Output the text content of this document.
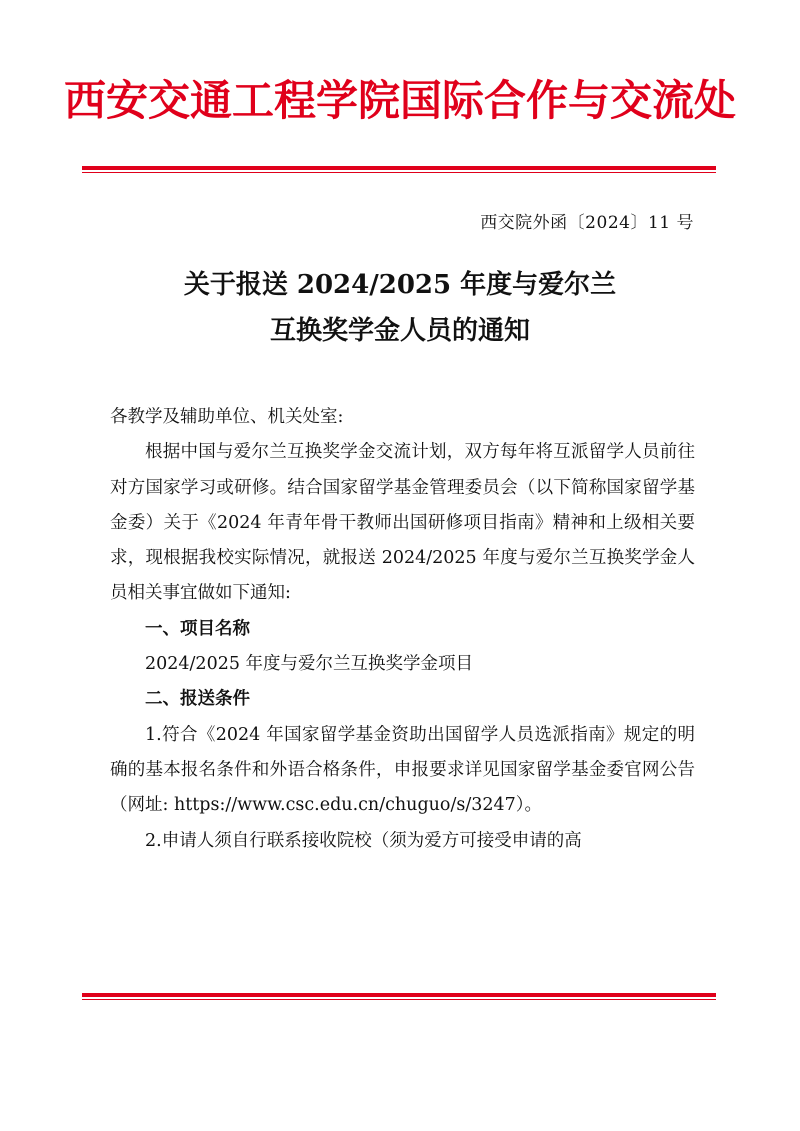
西安交通工程学院国际合作与交流处
西交院外函〔2024〕11 号
关于报送 2024/2025 年度与爱尔兰
互换奖学金人员的通知

各教学及辅助单位、机关处室:

根据中国与爱尔兰互换奖学金交流计划，双方每年将互派留学人员前往对方国家学习或研修。结合国家留学基金管理委员会（以下简称国家留学基金委）关于《2024 年青年骨干教师出国研修项目指南》精神和上级相关要求，现根据我校实际情况，就报送 2024/2025 年度与爱尔兰互换奖学金人员相关事宜做如下通知:

一、项目名称

2024/2025 年度与爱尔兰互换奖学金项目

二、报送条件

1.符合《2024 年国家留学基金资助出国留学人员选派指南》规定的明确的基本报名条件和外语合格条件，申报要求详见国家留学基金委官网公告（网址: https://www.csc.edu.cn/chuguo/s/3247）。

2.申请人须自行联系接收院校（须为爱方可接受申请的高
